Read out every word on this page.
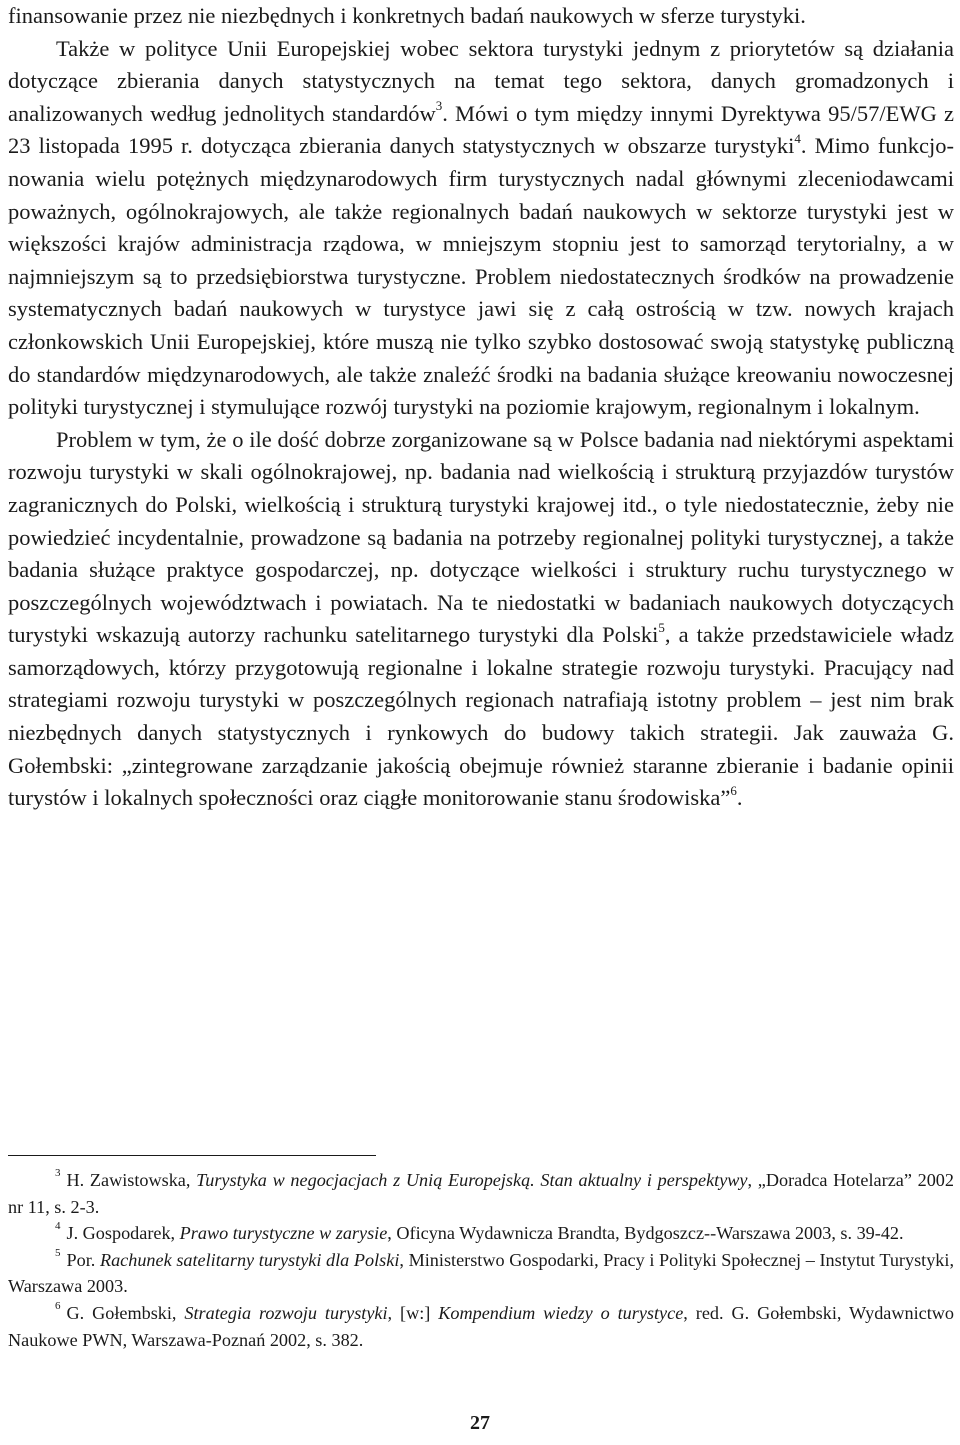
finansowanie przez nie niezbędnych i konkretnych badań naukowych w sferze turystyki.

Także w polityce Unii Europejskiej wobec sektora turystyki jednym z priorytetów są działania dotyczące zbierania danych statystycznych na temat tego sektora, danych gromadzonych i analizowanych według jednolitych standardów$^3$. Mówi o tym między innymi Dyrektywa 95/57/EWG z 23 listopada 1995 r. dotycząca zbierania danych statystycznych w obszarze turystyki$^4$. Mimo funkcjonowania wielu potężnych międzynarodowych firm turystycznych nadal głównymi zleceniodawcami poważnych, ogólnokrajowych, ale także regionalnych badań naukowych w sektorze turystyki jest w większości krajów administracja rządowa, w mniejszym stopniu jest to samorząd terytorialny, a w najmniejszym są to przedsiębiorstwa turystyczne. Problem niedostatecznych środków na prowadzenie systematycznych badań naukowych w turystyce jawi się z całą ostrością w tzw. nowych krajach członkowskich Unii Europejskiej, które muszą nie tylko szybko dostosować swoją statystykę publiczną do standardów międzynarodowych, ale także znaleźć środki na badania służące kreowaniu nowoczesnej polityki turystycznej i stymulujące rozwój turystyki na poziomie krajowym, regionalnym i lokalnym.

Problem w tym, że o ile dość dobrze zorganizowane są w Polsce badania nad niektórymi aspektami rozwoju turystyki w skali ogólnokrajowej, np. badania nad wielkością i strukturą przyjazdów turystów zagranicznych do Polski, wielkością i strukturą turystyki krajowej itd., o tyle niedostatecznie, żeby nie powiedzieć incydentalnie, prowadzone są badania na potrzeby regionalnej polityki turystycznej, a także badania służące praktyce gospodarczej, np. dotyczące wielkości i struktury ruchu turystycznego w poszczególnych województwach i powiatach. Na te niedostatki w badaniach naukowych dotyczących turystyki wskazują autorzy rachunku satelitarnego turystyki dla Polski$^5$, a także przedstawiciele władz samorządowych, którzy przygotowują regionalne i lokalne strategie rozwoju turystyki. Pracujący nad strategiami rozwoju turystyki w poszczególnych regionach natrafiają istotny problem – jest nim brak niezbędnych danych statystycznych i rynkowych do budowy takich strategii. Jak zauważa G. Gołembski: „zintegrowane zarządzanie jakością obejmuje również staranne zbieranie i badanie opinii turystów i lokalnych społeczności oraz ciągłe monitorowanie stanu środowiska”$^6$.

$^3$ H. Zawistowska, Turystyka w negocjacjach z Unią Europejską. Stan aktualny i perspektywy, „Doradca Hotelarza” 2002 nr 11, s. 2-3.

$^4$ J. Gospodarek, Prawo turystyczne w zarysie, Oficyna Wydawnicza Brandta, Bydgoszcz--Warszawa 2003, s. 39-42.

$^5$ Por. Rachunek satelitarny turystyki dla Polski, Ministerstwo Gospodarki, Pracy i Polityki Społecznej – Instytut Turystyki, Warszawa 2003.

$^6$ G. Gołembski, Strategia rozwoju turystyki, [w:] Kompendium wiedzy o turystyce, red. G. Gołembski, Wydawnictwo Naukowe PWN, Warszawa-Poznań 2002, s. 382.

27
